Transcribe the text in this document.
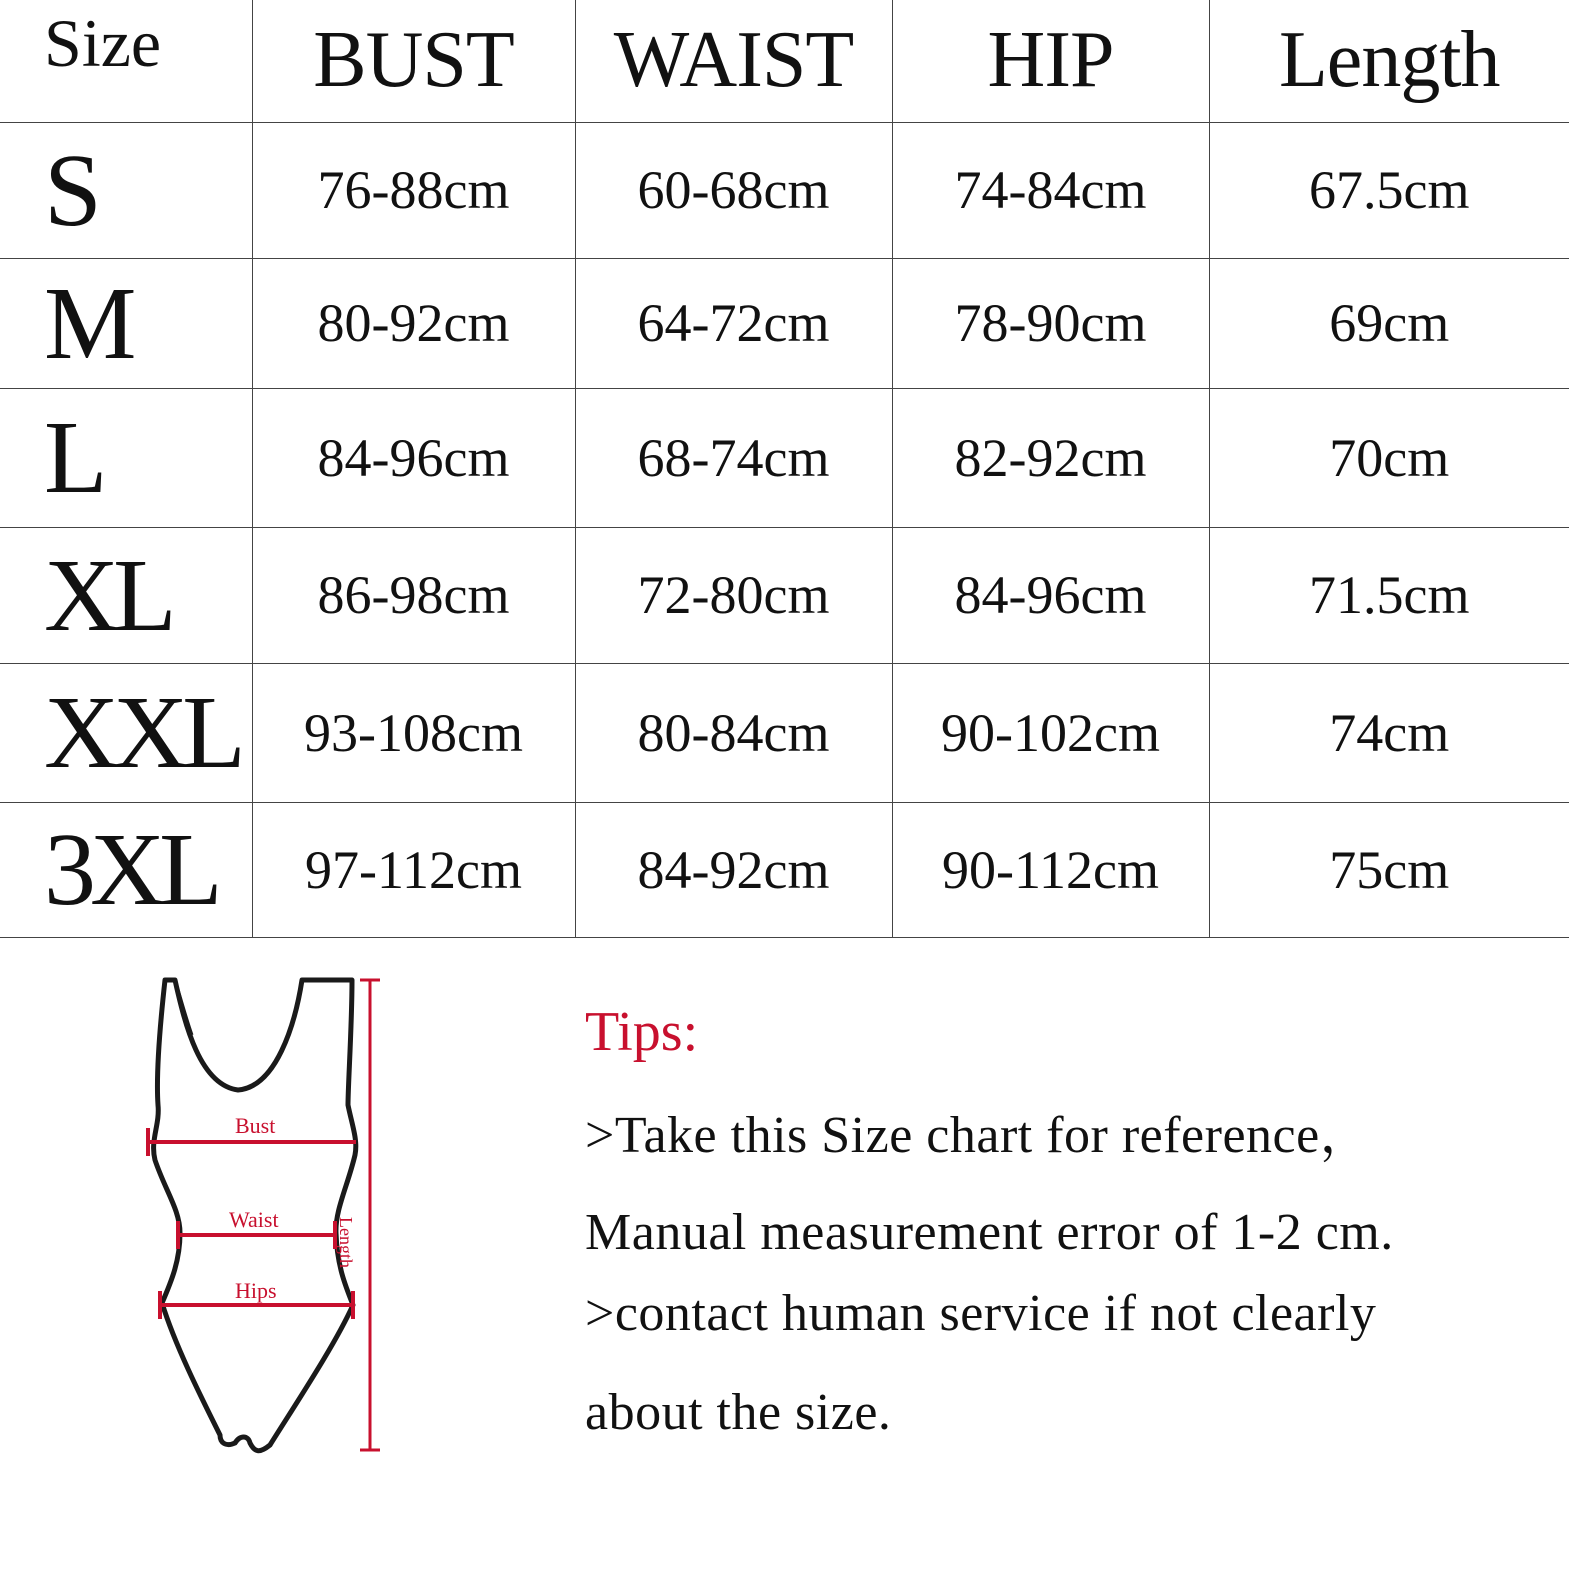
Size	BUST	WAIST	HIP	Length
S	76-88cm	60-68cm	74-84cm	67.5cm
M	80-92cm	64-72cm	78-90cm	69cm
L	84-96cm	68-74cm	82-92cm	70cm
XL	86-98cm	72-80cm	84-96cm	71.5cm
XXL	93-108cm	80-84cm	90-102cm	74cm
3XL	97-112cm	84-92cm	90-112cm	75cm
Bust
Waist
Hips
Length

Tips:

>Take this Size chart for reference，

Manual measurement error of 1-2 cm.

>contact human service if not clearly

about the size.
